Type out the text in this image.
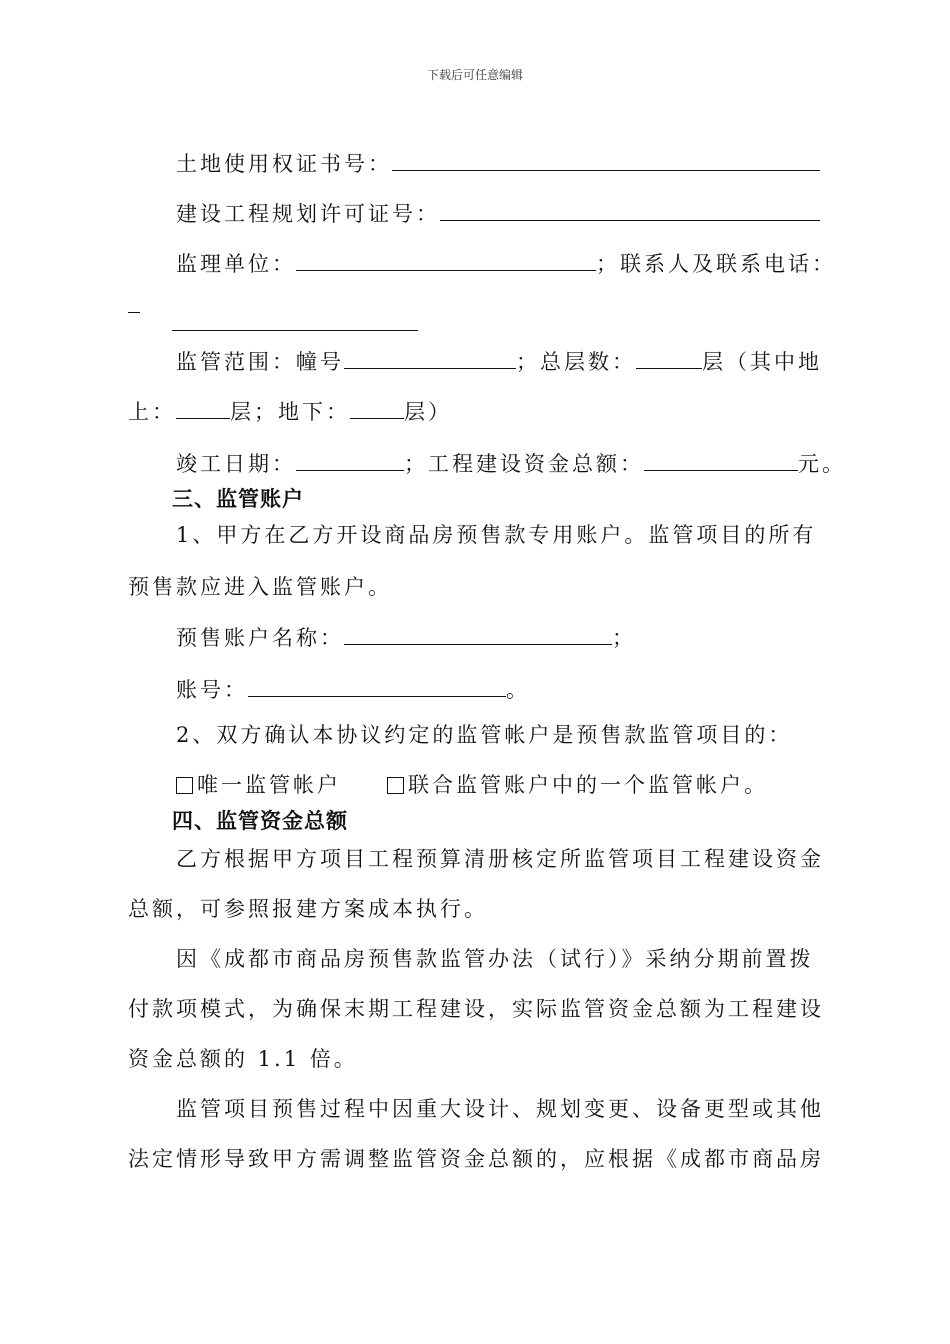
下载后可任意编辑
土地使用权证书号：
建设工程规划许可证号：
监理单位：	；联系人及联系电话：
监管范围：幢号	；总层数：	层（其中地
上：	层；地下：	层）
竣工日期：	；工程建设资金总额：	元。
三、监管账户
1、甲方在乙方开设商品房预售款专用账户。监管项目的所有
预售款应进入监管账户。
预售账户名称：	；
账号：	。
2、双方确认本协议约定的监管帐户是预售款监管项目的：
唯一监管帐户	联合监管账户中的一个监管帐户。
四、监管资金总额
乙方根据甲方项目工程预算清册核定所监管项目工程建设资金
总额，可参照报建方案成本执行。
因《成都市商品房预售款监管办法（试行）》采纳分期前置拨
付款项模式，为确保末期工程建设，实际监管资金总额为工程建设
资金总额的 1.1 倍。
监管项目预售过程中因重大设计、规划变更、设备更型或其他
法定情形导致甲方需调整监管资金总额的，应根据《成都市商品房
